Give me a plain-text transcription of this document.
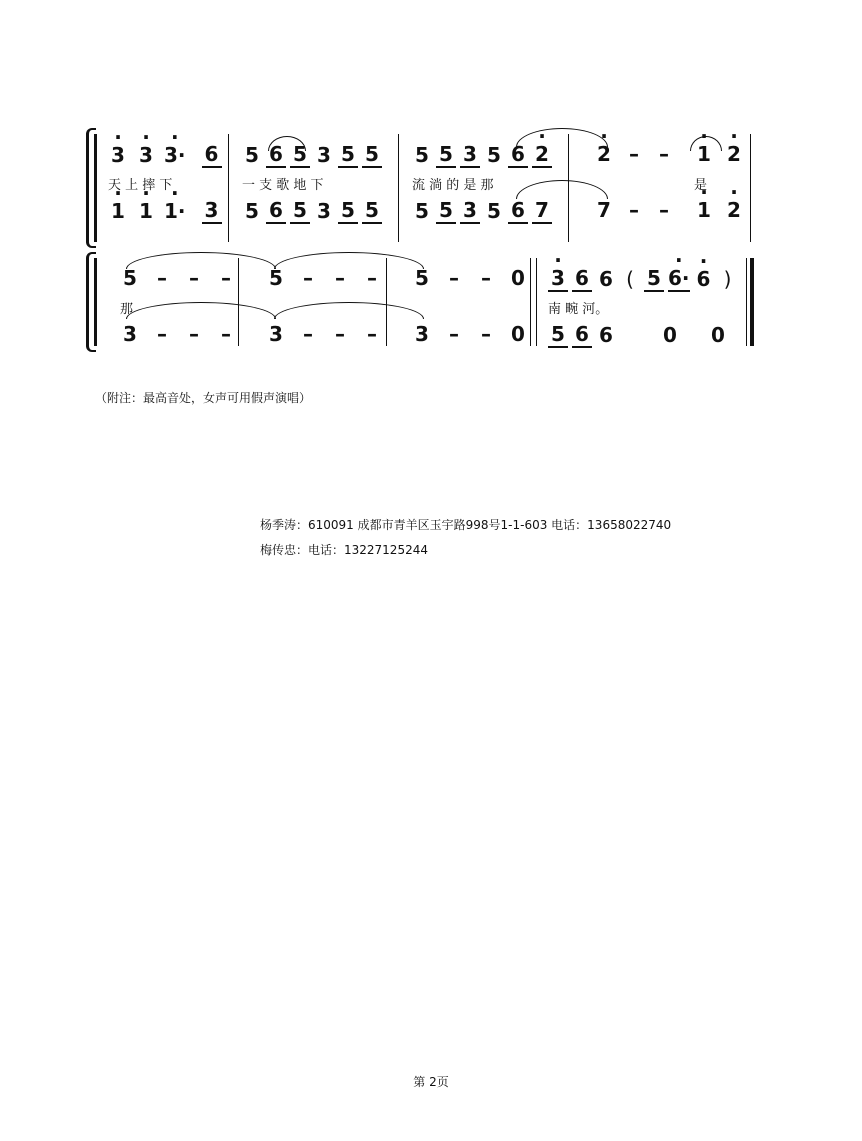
· 3 · 3 · 3· 6
天 上 摔 下
· 1 · 1 · 1· 3
5 6 5 3 5 5
一 支 歌 地 下
5 6 5 3 5 5
5 5 3 5 6 · 2
流 淌 的 是 那
5 5 3 5 6 7
· 2 – – · 1 · 2
是
7 – – · 1 · 2
5 – – –
那
3 – – –
5 – – –
3 – – –
5 – – 0
3 – – 0
· 3 6 6 ( 5 · 6· · 6 )
南 畹 河。
5 6 6	0 0
（附注：最高音处，女声可用假声演唱）
杨季涛：610091 成都市青羊区玉宇路998号1-1-603 电话：13658022740
梅传忠：电话：13227125244
第 2页
